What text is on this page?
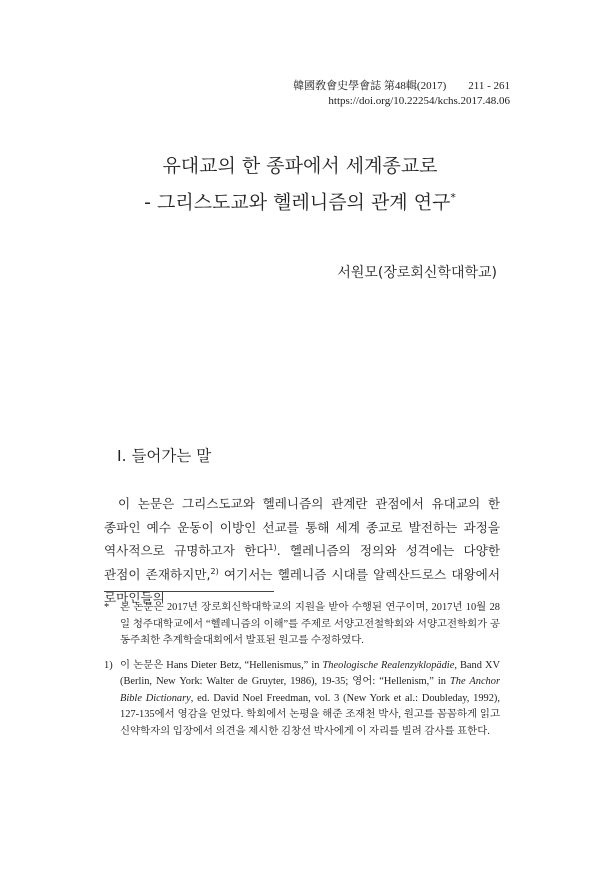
韓國敎會史學會誌 第48輯(2017) 211 - 261
https://doi.org/10.22254/kchs.2017.48.06
유대교의 한 종파에서 세계종교로
- 그리스도교와 헬레니즘의 관계 연구*
서원모(장로회신학대학교)
I. 들어가는 말
이 논문은 그리스도교와 헬레니즘의 관계란 관점에서 유대교의 한 종파인 예수 운동이 이방인 선교를 통해 세계 종교로 발전하는 과정을 역사적으로 규명하고자 한다$^{1)}$. 헬레니즘의 정의와 성격에는 다양한 관점이 존재하지만,$^{2)}$ 여기서는 헬레니즘 시대를 알렉산드로스 대왕에서 로마인들의
*	본 논문은 2017년 장로회신학대학교의 지원을 받아 수행된 연구이며, 2017년 10월 28일 청주대학교에서 “헬레니즘의 이해”를 주제로 서양고전철학회와 서양고전학회가 공동주최한 추계학술대회에서 발표된 원고를 수정하였다.
1) 이 논문은 Hans Dieter Betz, “Hellenismus,” in Theologische Realenzyklopädie, Band XV (Berlin, New York: Walter de Gruyter, 1986), 19-35; 영어: “Hellenism,” in The Anchor Bible Dictionary, ed. David Noel Freedman, vol. 3 (New York et al.: Doubleday, 1992), 127-135에서 영감을 얻었다. 학회에서 논평을 해준 조재천 박사, 원고를 꼼꼼하게 읽고 신약학자의 입장에서 의견을 제시한 김창선 박사에게 이 자리를 빌려 감사를 표한다.
